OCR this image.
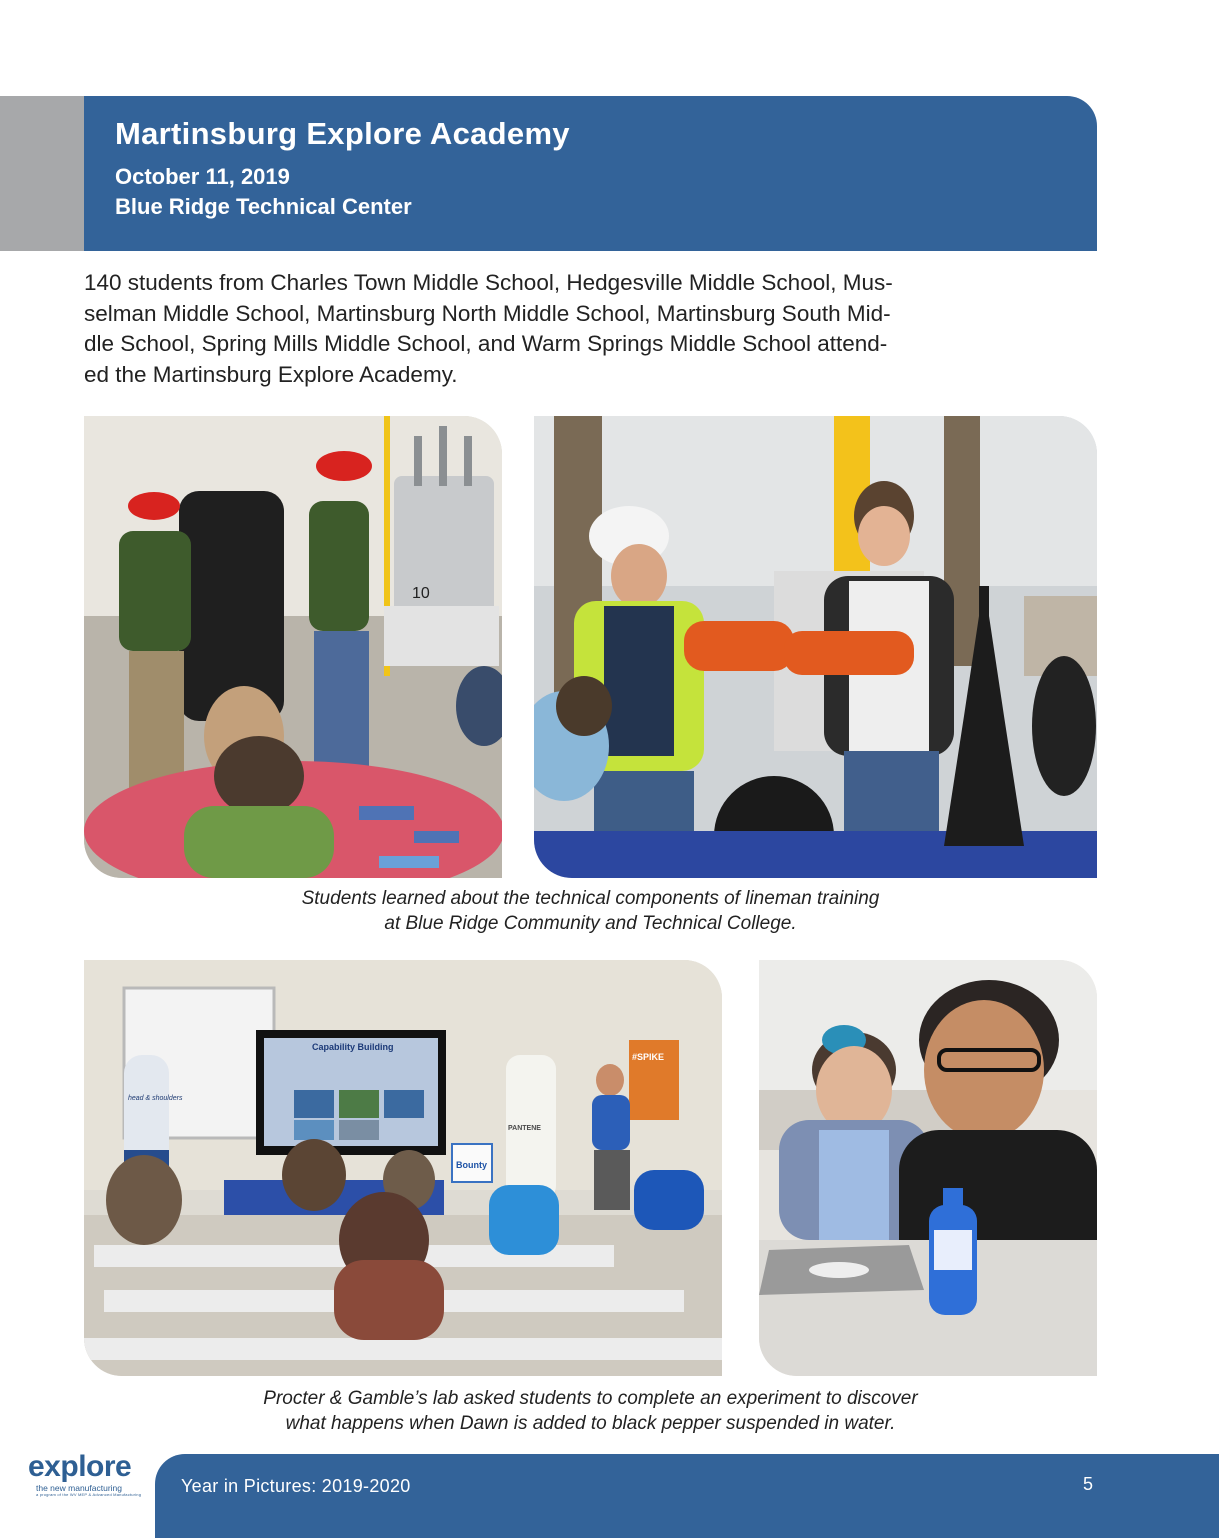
Martinsburg Explore Academy
October 11, 2019
Blue Ridge Technical Center
140 students from Charles Town Middle School, Hedgesville Middle School, Mus-
selman Middle School, Martinsburg North Middle School, Martinsburg South Mid-
dle School, Spring Mills Middle School, and Warm Springs Middle School attend-
ed the Martinsburg Explore Academy.
10
Students learned about the technical components of lineman training
at Blue Ridge Community and Technical College.
Capability Building
head & shoulders
PANTENE
#SPIKE
Bounty
Procter & Gamble’s lab asked students to complete an experiment to discover
what happens when Dawn is added to black pepper suspended in water.
explore
the new manufacturing
a program of the WV MEP & Advanced Manufacturing Year in Pictures: 2019-2020	5
